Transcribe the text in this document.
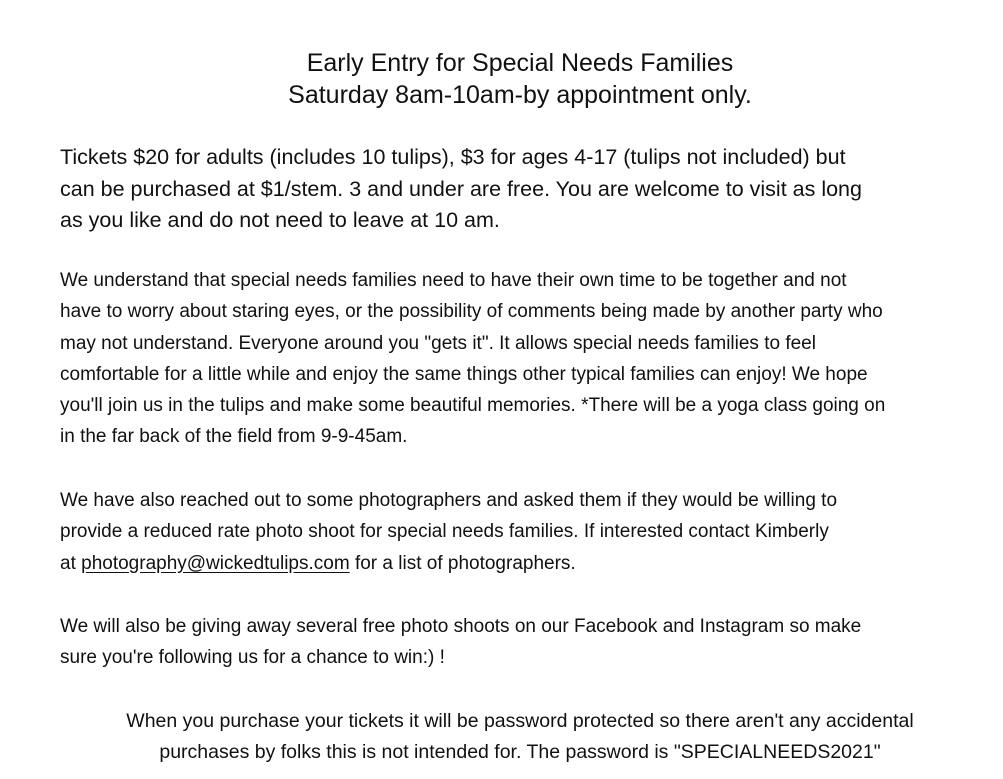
Early Entry for Special Needs Families
Saturday 8am-10am-by appointment only.
Tickets $20 for adults (includes 10 tulips), $3 for ages 4-17 (tulips not included) but
can be purchased at $1/stem. 3 and under are free. You are welcome to visit as long
as you like and do not need to leave at 10 am.
We understand that special needs families need to have their own time to be together and not
have to worry about staring eyes, or the possibility of comments being made by another party who
may not understand. Everyone around you "gets it". It allows special needs families to feel
comfortable for a little while and enjoy the same things other typical families can enjoy! We hope
you'll join us in the tulips and make some beautiful memories. *There will be a yoga class going on
in the far back of the field from 9-9-45am.
We have also reached out to some photographers and asked them if they would be willing to
provide a reduced rate photo shoot for special needs families. If interested contact Kimberly
at photography@wickedtulips.com for a list of photographers.
We will also be giving away several free photo shoots on our Facebook and Instagram so make
sure you're following us for a chance to win:) !
When you purchase your tickets it will be password protected so there aren't any accidental
purchases by folks this is not intended for. The password is "SPECIALNEEDS2021"
